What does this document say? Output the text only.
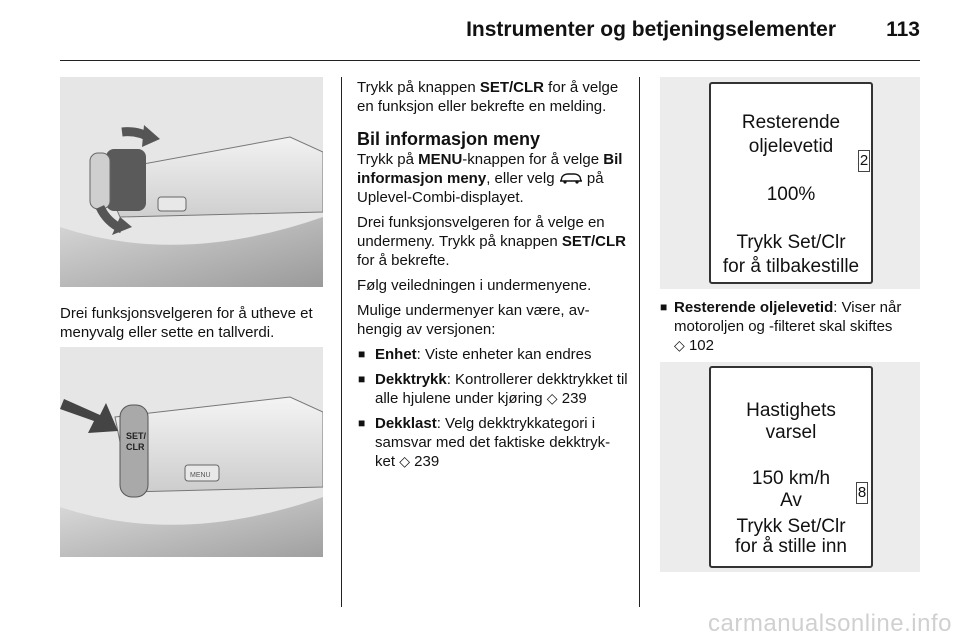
Instrumenter og betjeningselementer	113
Drei funksjonsvelgeren for å utheve et menyvalg eller sette en tallverdi.
SET/
CLR
MENU

Trykk på knappen SET/CLR for å velge en funksjon eller bekrefte en melding.

Bil informasjon meny

Trykk på MENU-knappen for å velge Bil informasjon meny, eller velg  på Uplevel-Combi-displayet.

Drei funksjonsvelgeren for å velge en undermeny. Trykk på knappen SET/CLR for å bekrefte.

Følg veiledningen i undermenyene.

Mulige undermenyer kan være, av- hengig av versjonen:

■ Enhet: Viste enheter kan endres
■ Dekktrykk: Kontrollerer dekktrykket til alle hjulene under kjøring ◇ 239
■ Dekklast: Velg dekktrykkategori i samsvar med det faktiske dekktryk- ket ◇ 239
Resterende
oljelevetid
100%
Trykk Set/Clr
for å tilbakestille
2
■ Resterende oljelevetid: Viser når motoroljen og -filteret skal skiftes
◇ 102
Hastighets
varsel
150 km/h
Av
Trykk Set/Clr
for å stille inn
8
carmanualsonline.info
